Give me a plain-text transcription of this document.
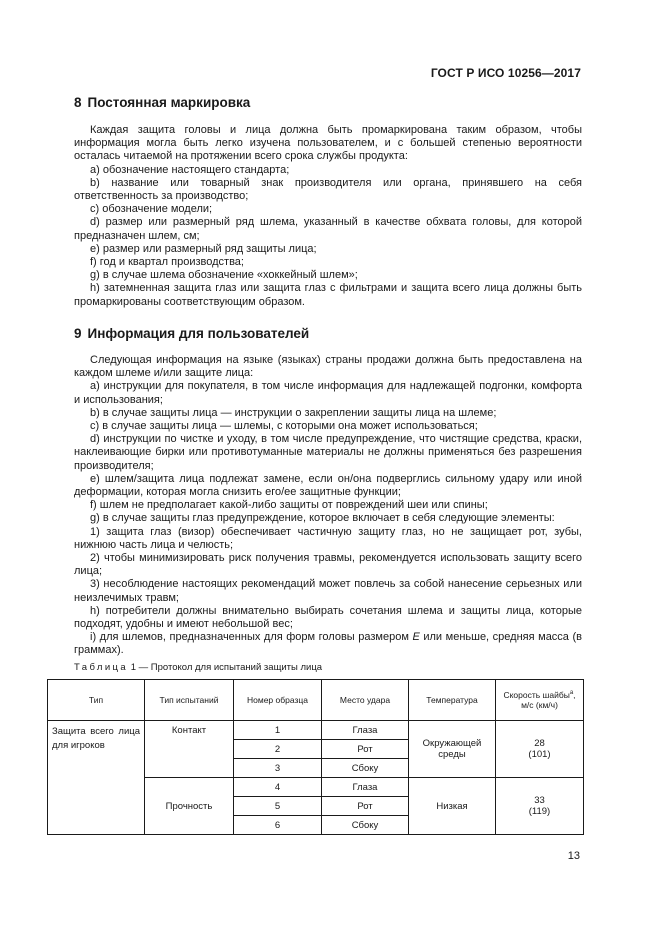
ГОСТ Р ИСО 10256—2017
8 Постоянная маркировка

Каждая защита головы и лица должна быть промаркирована таким образом, чтобы информация могла быть легко изучена пользователем, и с большей степенью вероятности осталась читаемой на протяжении всего срока службы продукта:

a) обозначение настоящего стандарта;

b) название или товарный знак производителя или органа, принявшего на себя ответственность за производство;

c) обозначение модели;

d) размер или размерный ряд шлема, указанный в качестве обхвата головы, для которой предназначен шлем, см;

e) размер или размерный ряд защиты лица;

f) год и квартал производства;

g) в случае шлема обозначение «хоккейный шлем»;

h) затемненная защита глаз или защита глаз с фильтрами и защита всего лица должны быть промаркированы соответствующим образом.

9 Информация для пользователей

Следующая информация на языке (языках) страны продажи должна быть предоставлена на каждом шлеме и/или защите лица:

a) инструкции для покупателя, в том числе информация для надлежащей подгонки, комфорта и использования;

b) в случае защиты лица — инструкции о закреплении защиты лица на шлеме;

c) в случае защиты лица — шлемы, с которыми она может использоваться;

d) инструкции по чистке и уходу, в том числе предупреждение, что чистящие средства, краски, наклеивающие бирки или противотуманные материалы не должны применяться без разрешения производителя;

e) шлем/защита лица подлежат замене, если он/она подверглись сильному удару или иной деформации, которая могла снизить его/ее защитные функции;

f) шлем не предполагает какой-либо защиты от повреждений шеи или спины;

g) в случае защиты глаз предупреждение, которое включает в себя следующие элементы:

1) защита глаз (визор) обеспечивает частичную защиту глаз, но не защищает рот, зубы, нижнюю часть лица и челюсть;

2) чтобы минимизировать риск получения травмы, рекомендуется использовать защиту всего лица;

3) несоблюдение настоящих рекомендаций может повлечь за собой нанесение серьезных или неизлечимых травм;

h) потребители должны внимательно выбирать сочетания шлема и защиты лица, которые подходят, удобны и имеют небольшой вес;

i) для шлемов, предназначенных для форм головы размером E или меньше, средняя масса (в граммах).

Таблица 1 — Протокол для испытаний защиты лица
Тип	Тип испытаний	Номер образца	Место удара	Температура	Скорость шайбы$^a$,
м/с (км/ч)
Защита всего лица для игроков	Контакт	1	Глаза	Окружающей среды	28
(101)
		2	Рот		
		3	Сбоку		
	Прочность	4	Глаза	Низкая	33
(119)
		5	Рот		
		6	Сбоку		
13
